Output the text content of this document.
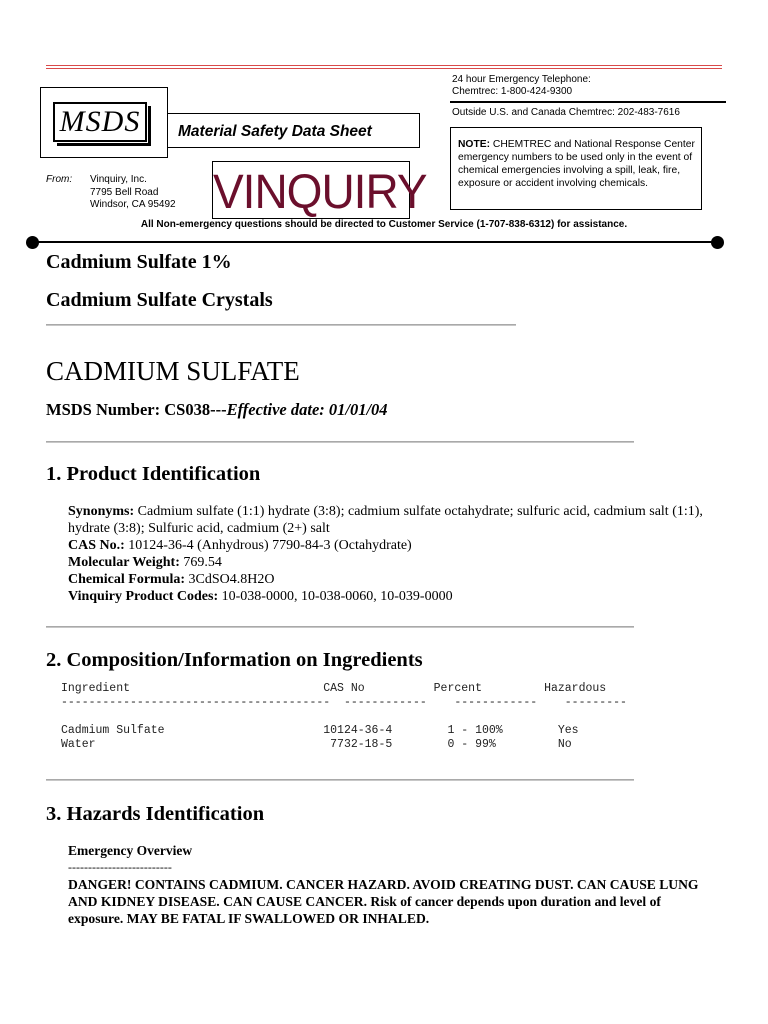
MSDS	Material Safety Data Sheet
From: Vinquiry, Inc.
7795 Bell Road
Windsor, CA 95492 VINQUIRY
24 hour Emergency Telephone:
Chemtrec: 1-800-424-9300
Outside U.S. and Canada Chemtrec: 202-483-7616
NOTE: CHEMTREC and National Response Center emergency numbers to be used only in the event of chemical emergencies involving a spill, leak, fire, exposure or accident involving chemicals.
All Non-emergency questions should be directed to Customer Service (1-707-838-6312) for assistance.
Cadmium Sulfate 1%
Cadmium Sulfate Crystals
CADMIUM SULFATE
MSDS Number: CS038---Effective date: 01/01/04
1. Product Identification
Synonyms: Cadmium sulfate (1:1) hydrate (3:8); cadmium sulfate octahydrate; sulfuric acid, cadmium salt (1:1), hydrate (3:8); Sulfuric acid, cadmium (2+) salt
CAS No.: 10124-36-4 (Anhydrous) 7790-84-3 (Octahydrate)
Molecular Weight: 769.54
Chemical Formula: 3CdSO4.8H2O
Vinquiry Product Codes: 10-038-0000, 10-038-0060, 10-039-0000
2. Composition/Information on Ingredients
Ingredient                            CAS No          Percent         Hazardous
---------------------------------------  ------------    ------------    ---------

Cadmium Sulfate                       10124-36-4        1 - 100%        Yes
Water                                  7732-18-5        0 - 99%         No
3. Hazards Identification
Emergency Overview
--------------------------
DANGER! CONTAINS CADMIUM. CANCER HAZARD. AVOID CREATING DUST. CAN CAUSE LUNG AND KIDNEY DISEASE. CAN CAUSE CANCER. Risk of cancer depends upon duration and level of exposure. MAY BE FATAL IF SWALLOWED OR INHALED.
